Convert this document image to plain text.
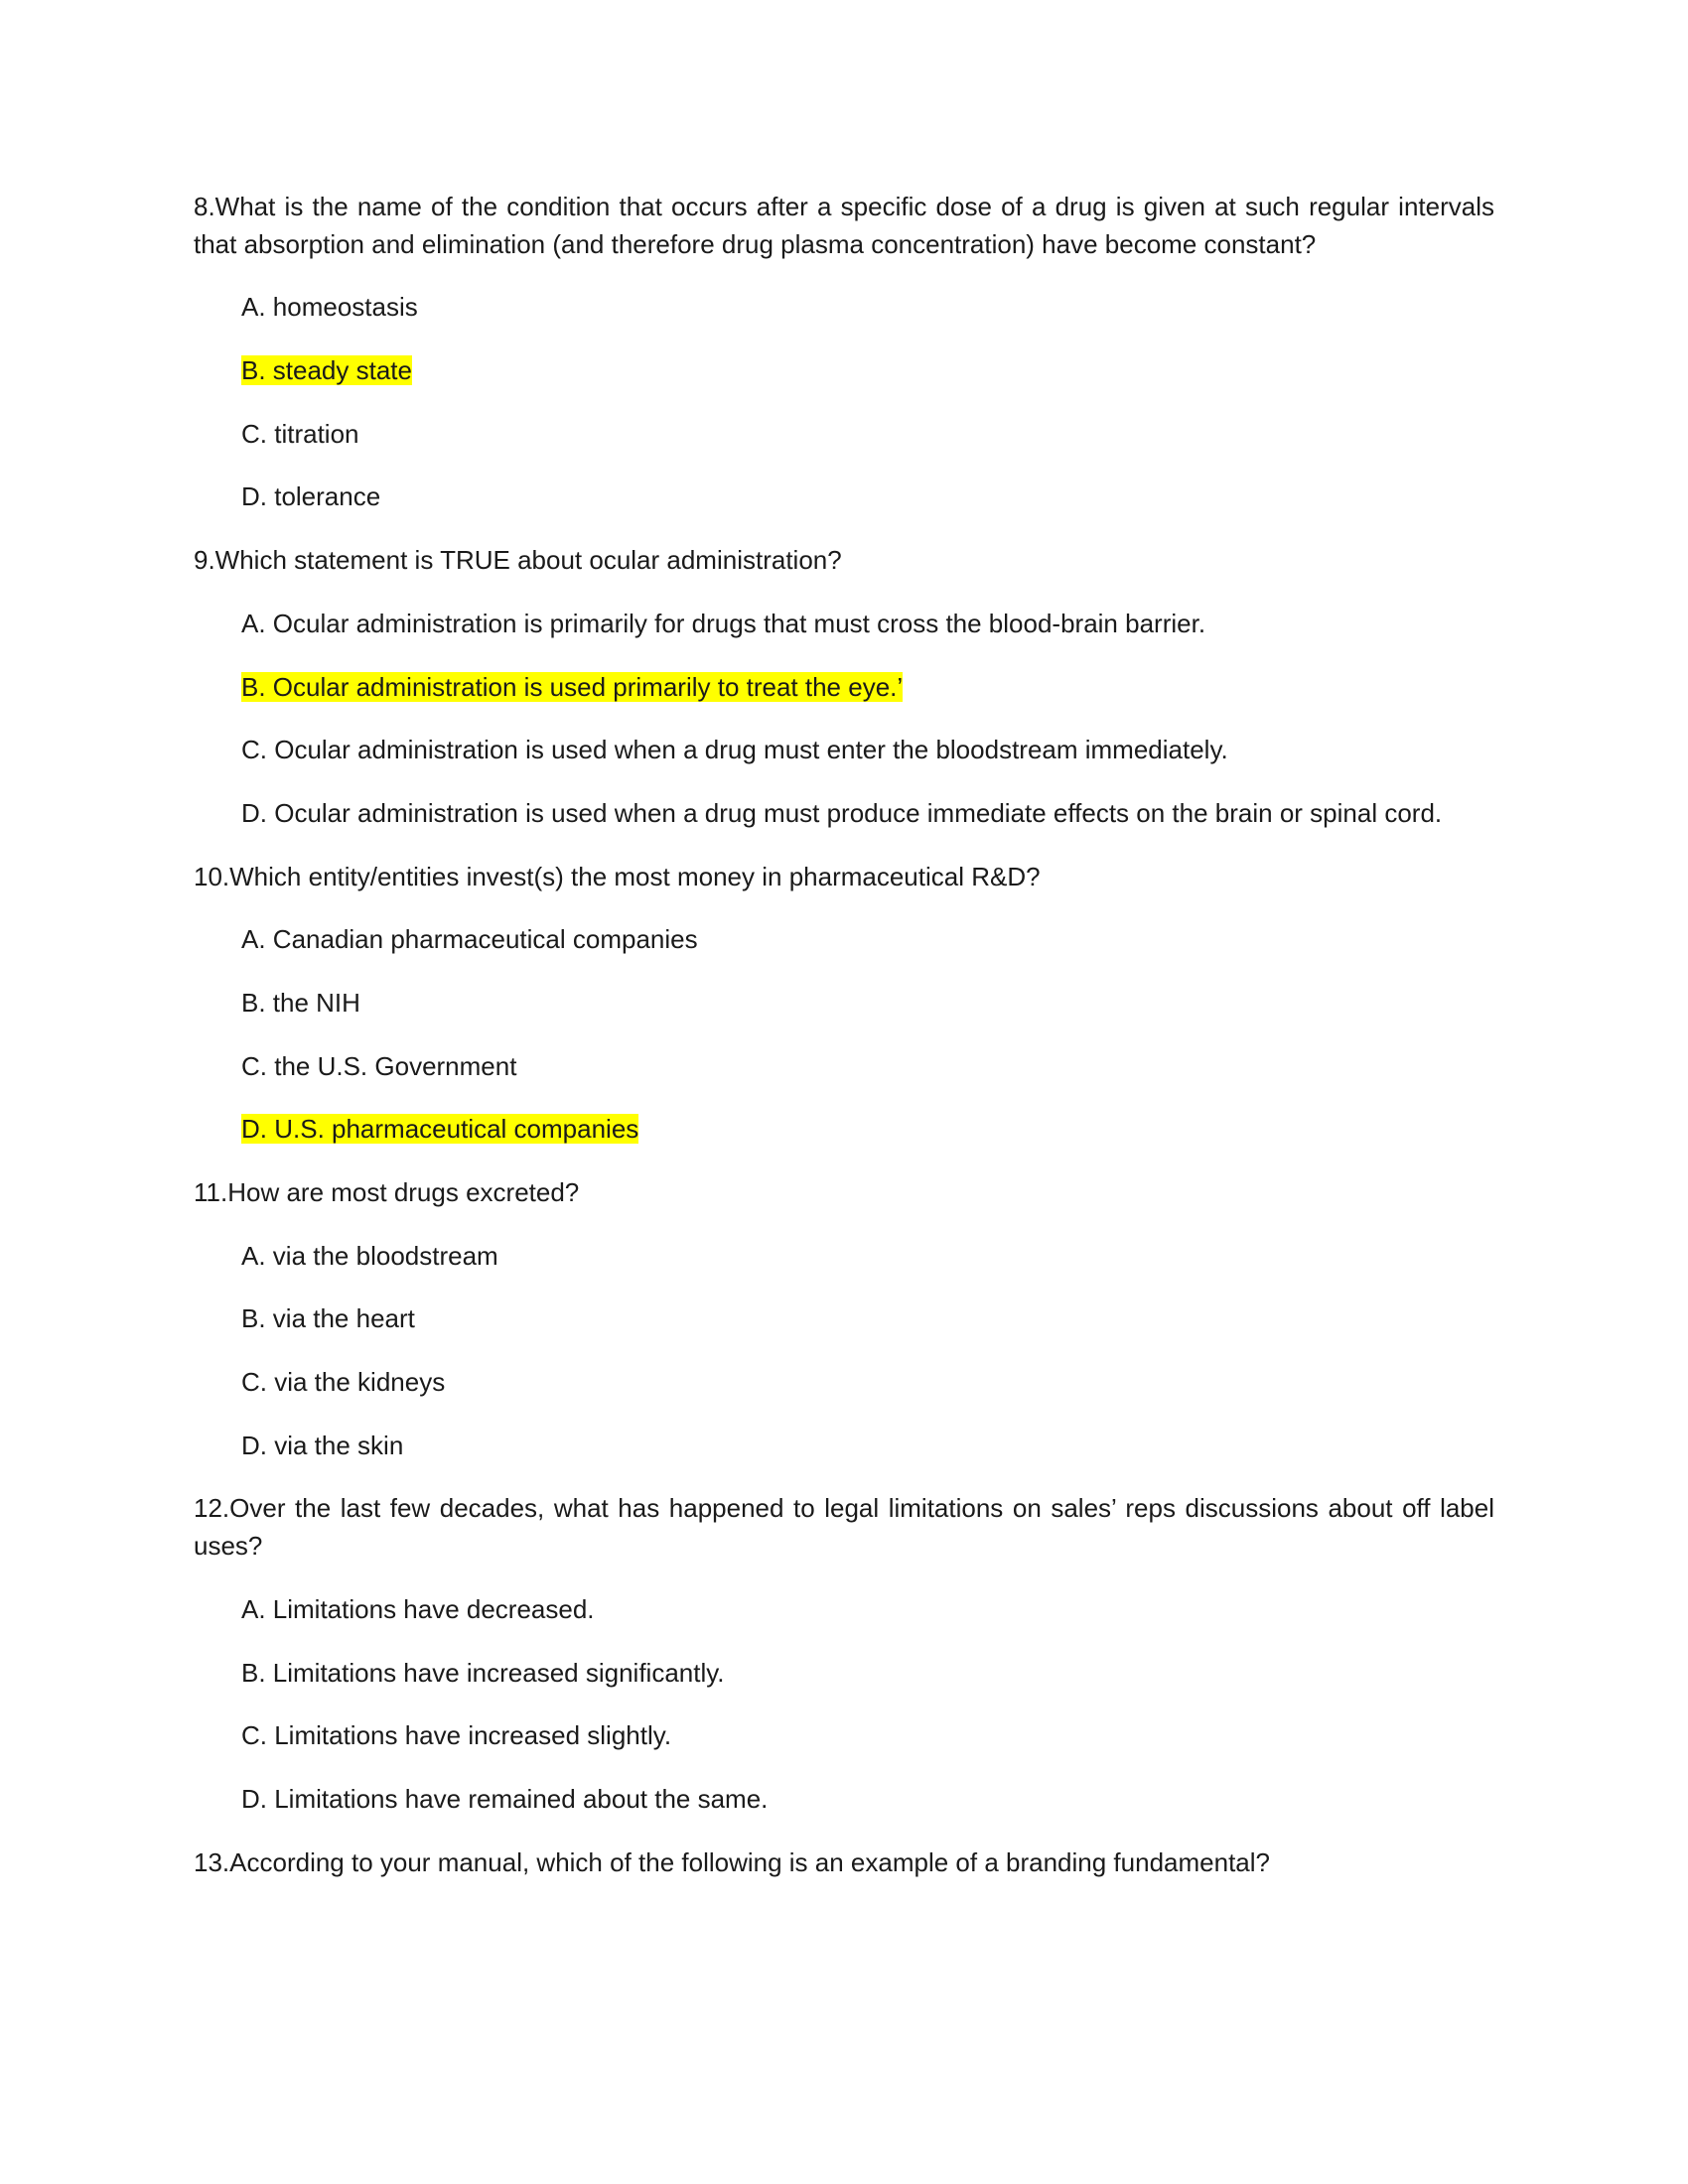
8.What is the name of the condition that occurs after a specific dose of a drug is given at such regular intervals that absorption and elimination (and therefore drug plasma concentration) have become constant?

A. homeostasis

B. steady state

C. titration

D. tolerance

9.Which statement is TRUE about ocular administration?

A. Ocular administration is primarily for drugs that must cross the blood-brain barrier.

B. Ocular administration is used primarily to treat the eye.’

C. Ocular administration is used when a drug must enter the bloodstream immediately.

D. Ocular administration is used when a drug must produce immediate effects on the brain or spinal cord.

10.Which entity/entities invest(s) the most money in pharmaceutical R&D?

A. Canadian pharmaceutical companies

B. the NIH

C. the U.S. Government

D. U.S. pharmaceutical companies

11.How are most drugs excreted?

A. via the bloodstream

B. via the heart

C. via the kidneys

D. via the skin

12.Over the last few decades, what has happened to legal limitations on sales’ reps discussions about off label uses?

A. Limitations have decreased.

B. Limitations have increased significantly.

C. Limitations have increased slightly.

D. Limitations have remained about the same.

13.According to your manual, which of the following is an example of a branding fundamental?
